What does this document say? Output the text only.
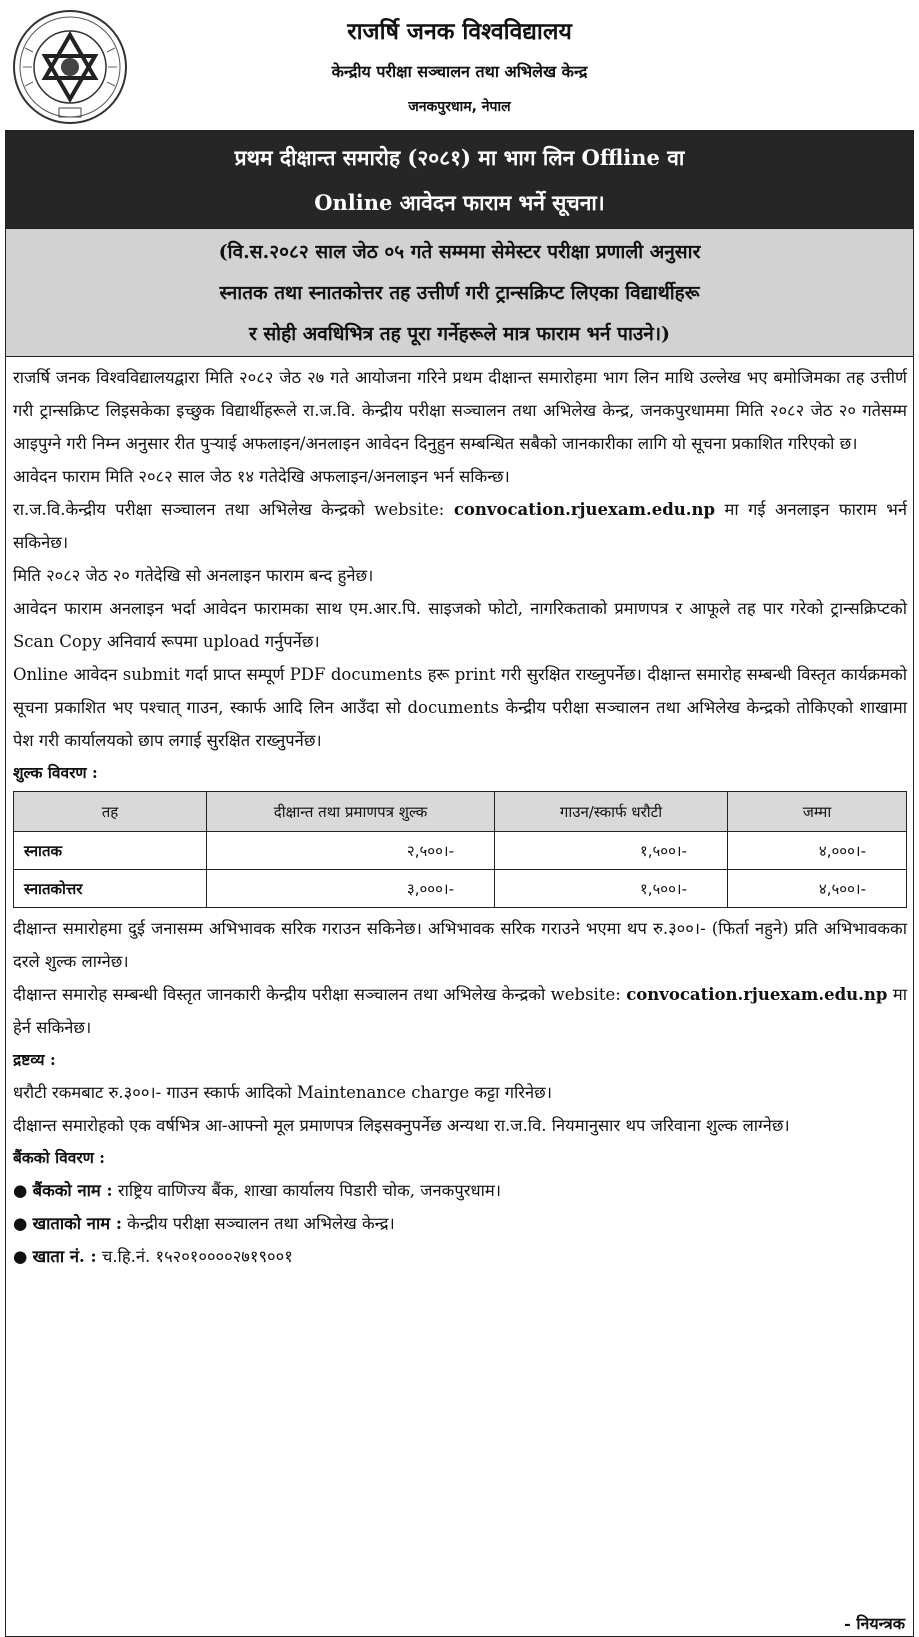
राजर्षि जनक विश्वविद्यालय
केन्द्रीय परीक्षा सञ्चालन तथा अभिलेख केन्द्र
जनकपुरधाम, नेपाल
प्रथम दीक्षान्त समारोह (२०८१) मा भाग लिन Offline वा
Online आवेदन फाराम भर्ने सूचना।
(वि.स.२०८२ साल जेठ ०५ गते सम्ममा सेमेस्टर परीक्षा प्रणाली अनुसार
स्नातक तथा स्नातकोत्तर तह उत्तीर्ण गरी ट्रान्सक्रिप्ट लिएका विद्यार्थीहरू
र सोही अवधिभित्र तह पूरा गर्नेहरूले मात्र फाराम भर्न पाउने।)

राजर्षि जनक विश्वविद्यालयद्वारा मिति २०८२ जेठ २७ गते आयोजना गरिने प्रथम दीक्षान्त समारोहमा भाग लिन माथि उल्लेख भए बमोजिमका तह उत्तीर्ण गरी ट्रान्सक्रिप्ट लिइसकेका इच्छुक विद्यार्थीहरूले रा.ज.वि. केन्द्रीय परीक्षा सञ्चालन तथा अभिलेख केन्द्र, जनकपुरधाममा मिति २०८२ जेठ २० गतेसम्म आइपुग्ने गरी निम्न अनुसार रीत पुऱ्याई अफलाइन/अनलाइन आवेदन दिनुहुन सम्बन्धित सबैको जानकारीका लागि यो सूचना प्रकाशित गरिएको छ।

आवेदन फाराम मिति २०८२ साल जेठ १४ गतेदेखि अफलाइन/अनलाइन भर्न सकिन्छ।

रा.ज.वि.केन्द्रीय परीक्षा सञ्चालन तथा अभिलेख केन्द्रको website: convocation.rjuexam.edu.np मा गई अनलाइन फाराम भर्न सकिनेछ।

मिति २०८२ जेठ २० गतेदेखि सो अनलाइन फाराम बन्द हुनेछ।

आवेदन फाराम अनलाइन भर्दा आवेदन फारामका साथ एम.आर.पि. साइजको फोटो, नागरिकताको प्रमाणपत्र र आफूले तह पार गरेको ट्रान्सक्रिप्टको Scan Copy अनिवार्य रूपमा upload गर्नुपर्नेछ।

Online आवेदन submit गर्दा प्राप्त सम्पूर्ण PDF documents हरू print गरी सुरक्षित राख्नुपर्नेछ। दीक्षान्त समारोह सम्बन्धी विस्तृत कार्यक्रमको सूचना प्रकाशित भए पश्चात् गाउन, स्कार्फ आदि लिन आउँदा सो documents केन्द्रीय परीक्षा सञ्चालन तथा अभिलेख केन्द्रको तोकिएको शाखामा पेश गरी कार्यालयको छाप लगाई सुरक्षित राख्नुपर्नेछ।

शुल्क विवरण :

तह	दीक्षान्त तथा प्रमाणपत्र शुल्क	गाउन/स्कार्फ धरौटी	जम्मा
स्नातक	२,५००।-	१,५००।-	४,०००।-
स्नातकोत्तर	३,०००।-	१,५००।-	४,५००।-

दीक्षान्त समारोहमा दुई जनासम्म अभिभावक सरिक गराउन सकिनेछ। अभिभावक सरिक गराउने भएमा थप रु.३००।- (फिर्ता नहुने) प्रति अभिभावकका दरले शुल्क लाग्नेछ।

दीक्षान्त समारोह सम्बन्धी विस्तृत जानकारी केन्द्रीय परीक्षा सञ्चालन तथा अभिलेख केन्द्रको website: convocation.rjuexam.edu.np मा हेर्न सकिनेछ।

द्रष्टव्य :

धरौटी रकमबाट रु.३००।- गाउन स्कार्फ आदिको Maintenance charge कट्टा गरिनेछ।

दीक्षान्त समारोहको एक वर्षभित्र आ-आफ्नो मूल प्रमाणपत्र लिइसक्नुपर्नेछ अन्यथा रा.ज.वि. नियमानुसार थप जरिवाना शुल्क लाग्नेछ।

बैंकको विवरण :

● बैंकको नाम : राष्ट्रिय वाणिज्य बैंक, शाखा कार्यालय पिडारी चोक, जनकपुरधाम।

● खाताको नाम : केन्द्रीय परीक्षा सञ्चालन तथा अभिलेख केन्द्र।

● खाता नं. : च.हि.नं. १५२०१००००२७१९००१

- नियन्त्रक
